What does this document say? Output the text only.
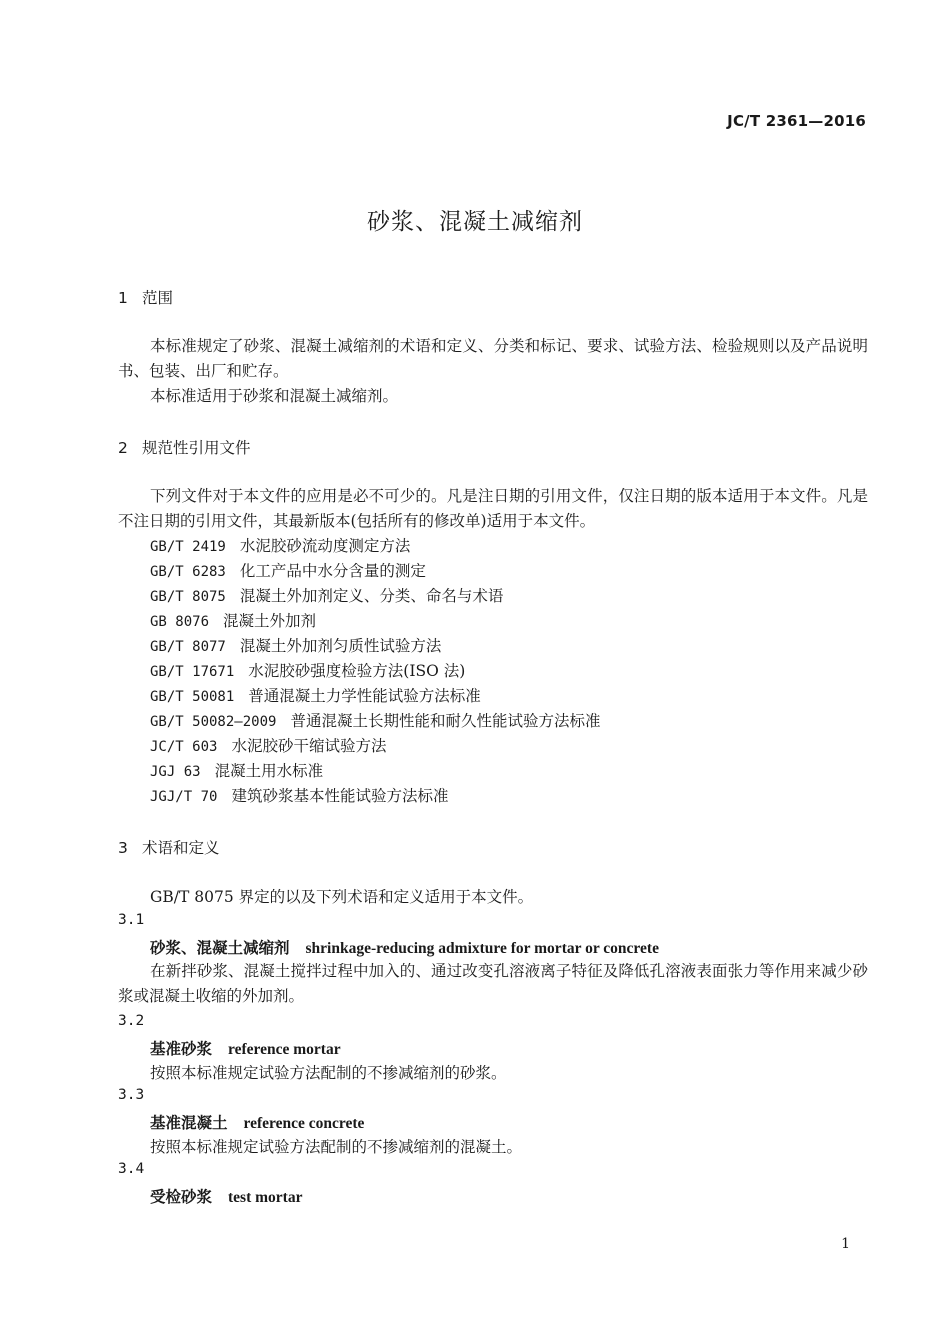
JC/T 2361—2016
砂浆、混凝土减缩剂
1 范围
本标准规定了砂浆、混凝土减缩剂的术语和定义、分类和标记、要求、试验方法、检验规则以及产品说明书、包装、出厂和贮存。
本标准适用于砂浆和混凝土减缩剂。
2 规范性引用文件
下列文件对于本文件的应用是必不可少的。凡是注日期的引用文件，仅注日期的版本适用于本文件。凡是不注日期的引用文件，其最新版本(包括所有的修改单)适用于本文件。
GB/T 2419 水泥胶砂流动度测定方法
GB/T 6283 化工产品中水分含量的测定
GB/T 8075 混凝土外加剂定义、分类、命名与术语
GB 8076 混凝土外加剂
GB/T 8077 混凝土外加剂匀质性试验方法
GB/T 17671 水泥胶砂强度检验方法(ISO 法)
GB/T 50081 普通混凝土力学性能试验方法标准
GB/T 50082—2009 普通混凝土长期性能和耐久性能试验方法标准
JC/T 603 水泥胶砂干缩试验方法
JGJ 63 混凝土用水标准
JGJ/T 70 建筑砂浆基本性能试验方法标准
3 术语和定义
GB/T 8075 界定的以及下列术语和定义适用于本文件。
3.1
砂浆、混凝土减缩剂 shrinkage-reducing admixture for mortar or concrete
在新拌砂浆、混凝土搅拌过程中加入的、通过改变孔溶液离子特征及降低孔溶液表面张力等作用来减少砂浆或混凝土收缩的外加剂。
3.2
基准砂浆 reference mortar
按照本标准规定试验方法配制的不掺减缩剂的砂浆。
3.3
基准混凝土 reference concrete
按照本标准规定试验方法配制的不掺减缩剂的混凝土。
3.4
受检砂浆 test mortar
1
